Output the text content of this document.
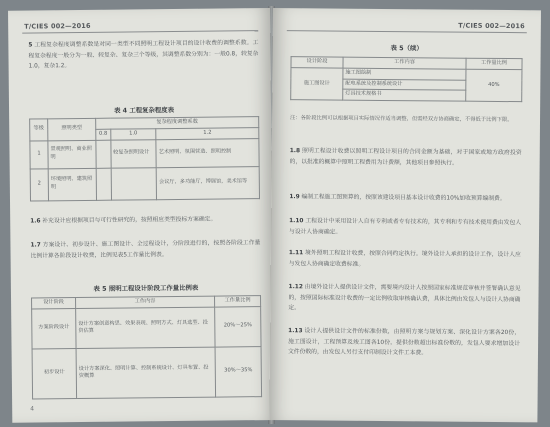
T/CIES 002—2016
5 工程复杂程度调整系数是对同一类型不同照明工程设计项目的设计收费的调整系数。工程复杂程度一般分为一般、较复杂、复杂三个等级，其调整系数分别为：一般0.8，较复杂1.0，复杂1.2。
表 4 工程复杂程度表
等级	照明类型	复杂程度调整系数		
		0.8	1.0	1.2
1	景观照明、商业照明		较复杂照明设计	艺术照明、氛围营造、照明控制
2	环境照明、建筑照明			会议厅，多功能厅，博展馆，美术馆等
1.6 补充设计应根据项目与可行性研究的，按照相应类型投标方案确定。
1.7 方案设计、初步设计、施工图设计、全过程设计，分阶段进行的，按照各阶段工作量比例计算各阶段设计收费，比例见表5工作量比例表。
表 5 照明工程设计阶段工作量比例表
设计阶段	工作内容	工作量比例
方案阶段设计	设计方案创意构思、效果表现、照明方式、灯具选型、投资估算	20%～25%
初步设计	设计方案深化、照明计算、控制系统设计、灯具布置、投资概算	30%～35%
4
T/CIES 002—2016
表 5（续）
设计阶段	工作内容	工作量比例
施工图设计	施工图绘制	40%
	配电系统及控制系统设计	
	灯具技术规格书	
注：各阶段比例可以根据项目实际情况作适当调整，但需经双方协商确定，不得低于比例下限。
1.8 照明工程设计收费以照明工程设计项目的合同金额为基础，对于国家或地方政府投资的，以批准的概算中照明工程费用为计费额，其他项目参照执行。
1.9 编制工程施工图预算的，按照该建设项目基本设计收费的10%加收预算编制费。
1.10 工程设计中采用设计人自有专利或者专有技术的，其专利和专有技术使用费由发包人与设计人协商确定。
1.11 境外照明工程设计收费，按照合同约定执行。境外设计人承担的设计工作，设计人应与发包人协商确定收费标准。
1.12 由境外设计人提供设计文件，需要境内设计人按照国家标准规范审核并签署确认意见的，按照国际标准设计收费的一定比例收取审核确认费，具体比例由发包人与设计人协商确定。
1.13 设计人提供设计文件的标准份数，由照明方案与规划方案、深化设计方案各20份，施工图设计，工程预算及竣工图各10份，提供份数超出标准份数的，发包人要求增加设计文件份数的，由发包人另行支付印制设计文件工本费。
